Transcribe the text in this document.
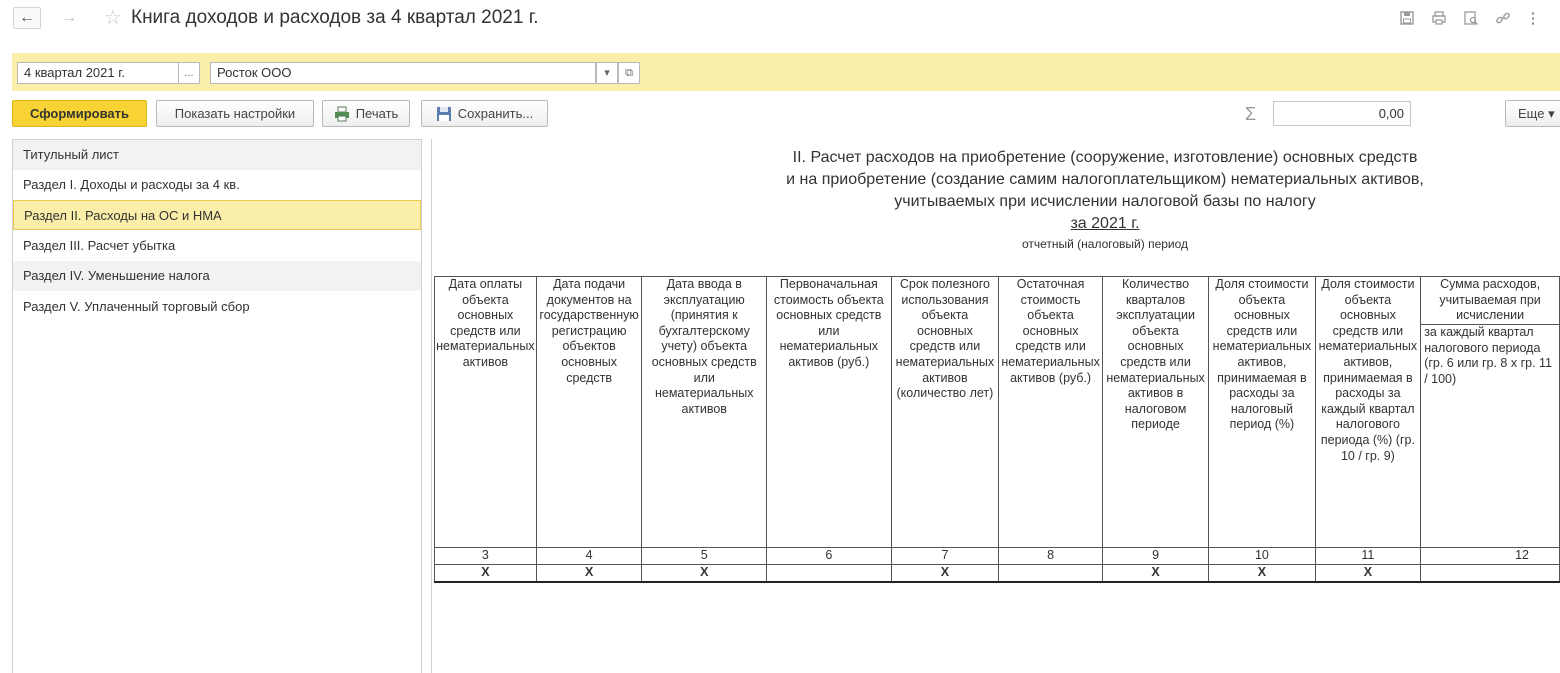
← → ☆ Книга доходов и расходов за 4 квартал 2021 г.	⋮
4 квартал 2021 г.	...	Росток ООО	▾	⧉
Сформировать	Показать настройки	Печать	Сохранить...	Σ	0,00	Еще ▾
Титульный лист
Раздел I. Доходы и расходы за 4 кв.
Раздел II. Расходы на ОС и НМА
Раздел III. Расчет убытка
Раздел IV. Уменьшение налога
Раздел V. Уплаченный торговый сбор
II. Расчет расходов на приобретение (сооружение, изготовление) основных средств
и на приобретение (создание самим налогоплательщиком) нематериальных активов,
учитываемых при исчислении налоговой базы по налогу
за 2021 г.
отчетный (налоговый) период
Дата оплаты объекта основных средств или нематериальных активов	Дата подачи документов на государственную регистрацию объектов основных средств	Дата ввода в эксплуатацию (принятия к бухгалтерскому учету) объекта основных средств или нематериальных активов	Первоначальная стоимость объекта основных средств или нематериальных активов (руб.)	Срок полезного использования объекта основных средств или нематериальных активов (количество лет)	Остаточная стоимость объекта основных средств или нематериальных активов (руб.)	Количество кварталов эксплуатации объекта основных средств или нематериальных активов в налоговом периоде	Доля стоимости объекта основных средств или нематериальных активов, принимаемая в расходы за налоговый период (%)	Доля стоимости объекта основных средств или нематериальных активов, принимаемая в расходы за каждый квартал налогового периода (%) (гр. 10 / гр. 9)	Сумма расходов, учитываемая при исчислении
									за каждый квартал налогового периода (гр. 6 или гр. 8 x гр. 11 / 100)
3	4	5	6	7	8	9	10	11	12
X	X	X		X		X	X	X	
